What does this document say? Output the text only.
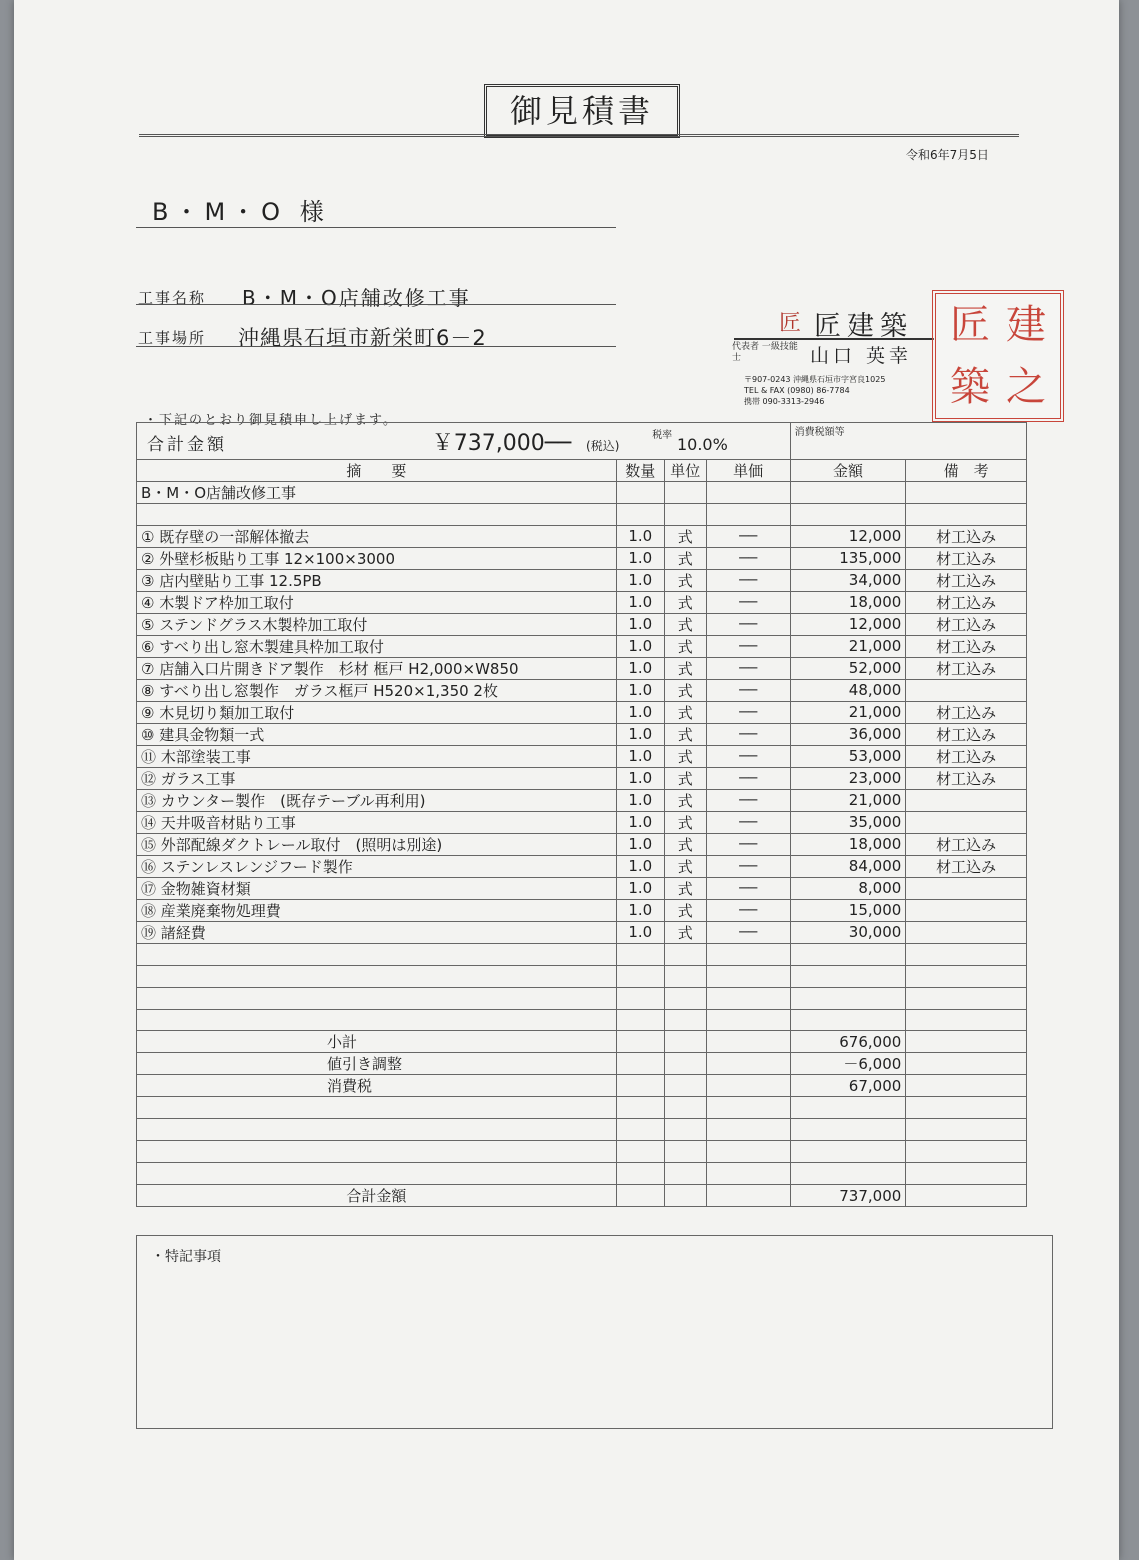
御見積書
令和6年7月5日
B・M・O 様
工事名称 B・M・O店舗改修工事
工事場所 沖縄県石垣市新栄町6－2
匠 匠建築
代表者 一級技能士	山口 英幸
〒907-0243 沖縄県石垣市字宮良1025
TEL & FAX (0980) 86-7784
携帯 090-3313-2946
匠 建
築 之
・下記のとおり御見積申し上げます。
合計金額 ￥737,000── (税込) $^{税率}$ 10.0%				消費税額等	
摘　　要	数量	単位	単価	金額	備　考
B・M・O店舗改修工事					

① 既存壁の一部解体撤去	1.0	式	──	12,000	材工込み
② 外壁杉板貼り工事 12×100×3000	1.0	式	──	135,000	材工込み
③ 店内壁貼り工事 12.5PB	1.0	式	──	34,000	材工込み
④ 木製ドア枠加工取付	1.0	式	──	18,000	材工込み
⑤ ステンドグラス木製枠加工取付	1.0	式	──	12,000	材工込み
⑥ すべり出し窓木製建具枠加工取付	1.0	式	──	21,000	材工込み
⑦ 店舗入口片開きドア製作　杉材 框戸 H2,000×W850	1.0	式	──	52,000	材工込み
⑧ すべり出し窓製作　ガラス框戸 H520×1,350 2枚	1.0	式	──	48,000	
⑨ 木見切り類加工取付	1.0	式	──	21,000	材工込み
⑩ 建具金物類一式	1.0	式	──	36,000	材工込み
⑪ 木部塗装工事	1.0	式	──	53,000	材工込み
⑫ ガラス工事	1.0	式	──	23,000	材工込み
⑬ カウンター製作　(既存テーブル再利用)	1.0	式	──	21,000	
⑭ 天井吸音材貼り工事	1.0	式	──	35,000	
⑮ 外部配線ダクトレール取付　(照明は別途)	1.0	式	──	18,000	材工込み
⑯ ステンレスレンジフード製作	1.0	式	──	84,000	材工込み
⑰ 金物雑資材類	1.0	式	──	8,000	
⑱ 産業廃棄物処理費	1.0	式	──	15,000	
⑲ 諸経費	1.0	式	──	30,000	

小計				676,000	
値引き調整				－6,000	
消費税				67,000	

合計金額				737,000	
・特記事項
